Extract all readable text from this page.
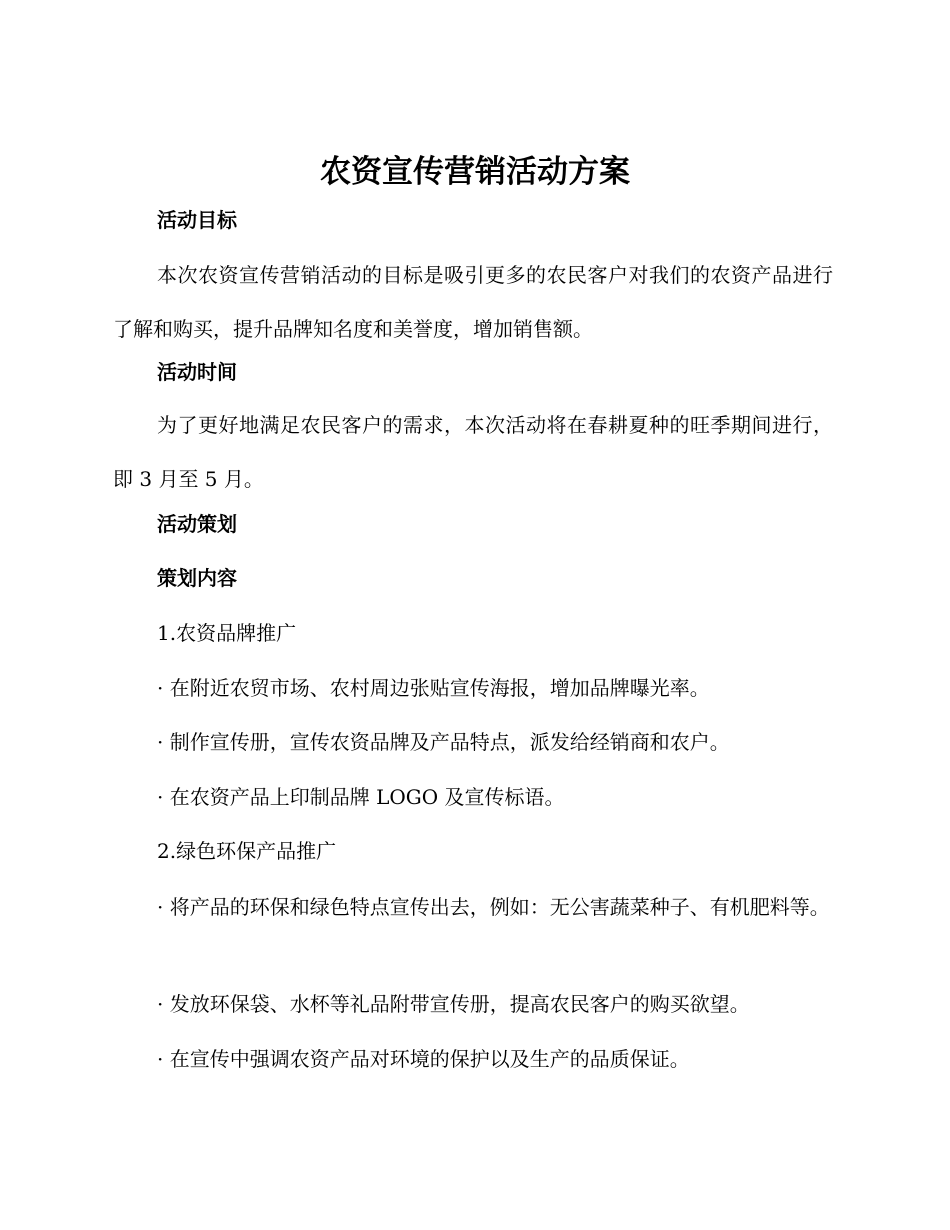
农资宣传营销活动方案
活动目标

本次农资宣传营销活动的目标是吸引更多的农民客户对我们的农资产品进行了解和购买，提升品牌知名度和美誉度，增加销售额。

活动时间

为了更好地满足农民客户的需求，本次活动将在春耕夏种的旺季期间进行，即 3 月至 5 月。

活动策划
策划内容
1.农资品牌推广
· 在附近农贸市场、农村周边张贴宣传海报，增加品牌曝光率。
· 制作宣传册，宣传农资品牌及产品特点，派发给经销商和农户。
· 在农资产品上印制品牌 LOGO 及宣传标语。
2.绿色环保产品推广

· 将产品的环保和绿色特点宣传出去，例如：无公害蔬菜种子、有机肥料等。

· 发放环保袋、水杯等礼品附带宣传册，提高农民客户的购买欲望。
· 在宣传中强调农资产品对环境的保护以及生产的品质保证。
